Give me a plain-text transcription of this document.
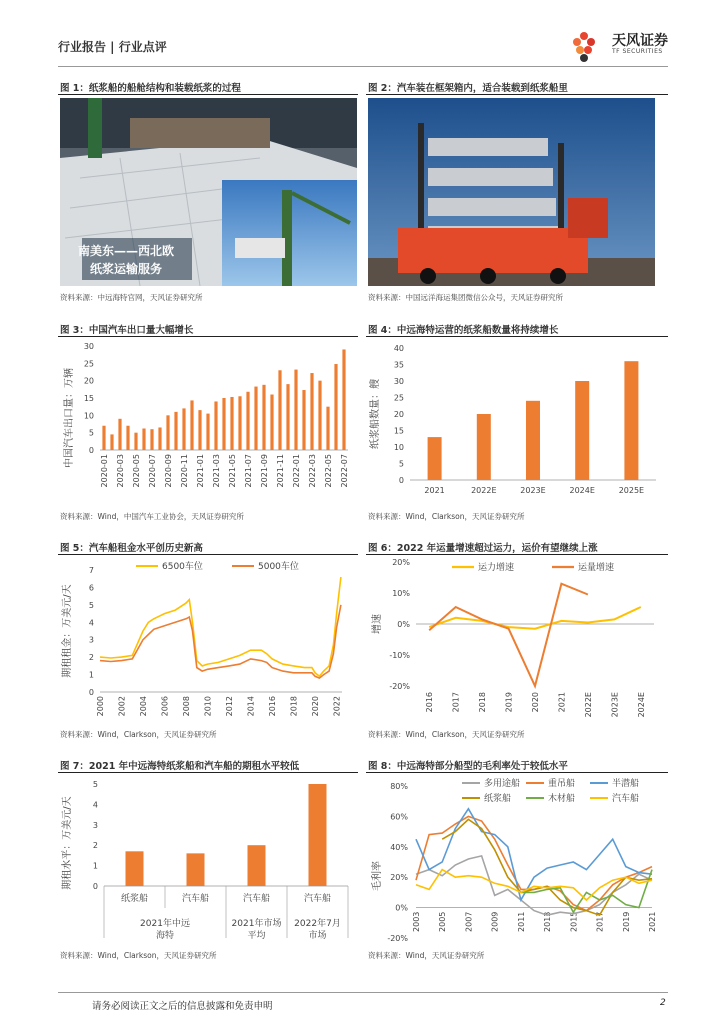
行业报告 | 行业点评	天风证券
TF SECURITIES
图 1：纸浆船的船舱结构和装载纸浆的过程
南美东——西北欧
纸浆运输服务
资料来源：中远海特官网，天风证券研究所
图 2：汽车装在框架箱内，适合装载到纸浆船里
资料来源：中国远洋海运集团微信公众号，天风证券研究所
图 3：中国汽车出口量大幅增长
0
5
10
15
20
25
30
2020-01 2020-03 2020-05 2020-07 2020-09 2020-11 2021-01 2021-03 2021-05 2021-07 2021-09 2021-11 2022-01 2022-03 2022-05 2022-07
中国汽车出口量：万辆
资料来源：Wind，中国汽车工业协会，天风证券研究所
图 4：中远海特运营的纸浆船数量将持续增长
0
5
10
15
20
25
30
35
40
2021	2022E	2023E	2024E	2025E
纸浆船数量：艘
资料来源：Wind，Clarkson，天风证券研究所
图 5：汽车船租金水平创历史新高
0
1
2
3
4
5
6
7
2000 2002 2004 2006 2008 2010 2012 2014 2016 2018 2020 2022
6500车位	5000车位
期租租金：万美元/天
资料来源：Wind，Clarkson，天风证券研究所
图 6：2022 年运量增速超过运力，运价有望继续上涨
-20%
-10%
0%
10%
20%
2016 2017 2018 2019 2020 2021 2022E 2023E 2024E
运力增速	运量增速
增速
资料来源：Wind，Clarkson，天风证券研究所
图 7：2021 年中远海特纸浆船和汽车船的期租水平较低
0
1
2
3
4
5
纸浆船	汽车船	汽车船	汽车船
2021年中远
海特
2021年市场
平均
2022年7月
市场
期租水平：万美元/天
资料来源：Wind，Clarkson，天风证券研究所
图 8：中远海特部分船型的毛利率处于较低水平
-20%
0%
20%
40%
60%
80%
2003 2005 2007 2009 2011 2013 2015 2017 2019 2021
多用途船	重吊船	半潜船
纸浆船	木材船	汽车船
毛利率
资料来源：Wind，天风证券研究所
请务必阅读正文之后的信息披露和免责申明	2
